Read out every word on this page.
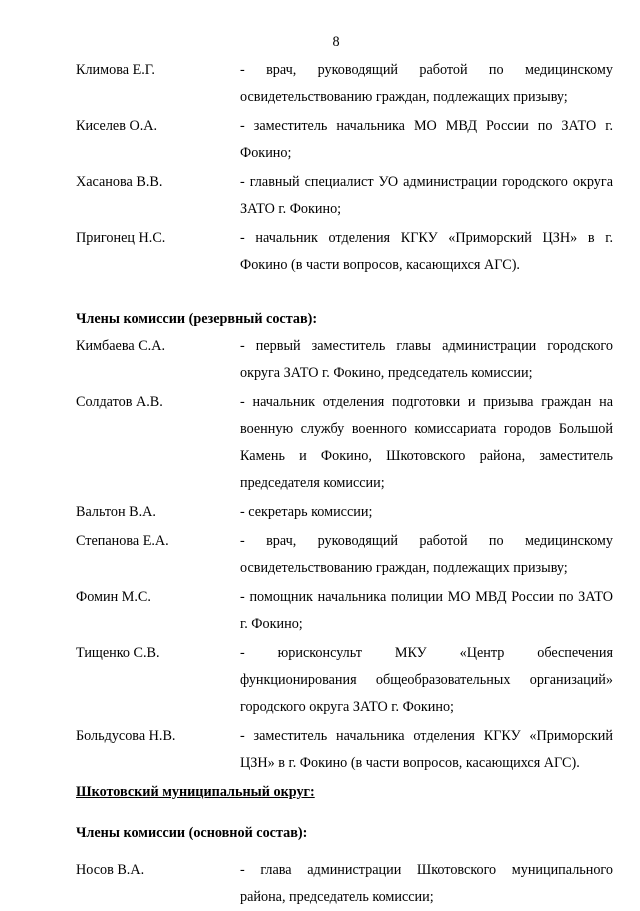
8
Климова Е.Г.	- врач, руководящий работой по медицинскому освидетельствованию граждан, подлежащих призыву;
Киселев О.А.	- заместитель начальника МО МВД России по ЗАТО г. Фокино;
Хасанова В.В.	- главный специалист УО администрации городского округа ЗАТО г. Фокино;
Пригонец Н.С.	- начальник отделения КГКУ «Приморский ЦЗН» в г. Фокино (в части вопросов, касающихся АГС).
Члены комиссии (резервный состав):
Кимбаева С.А.	- первый заместитель главы администрации городского округа ЗАТО г. Фокино, председатель комиссии;
Солдатов А.В.	- начальник отделения подготовки и призыва граждан на военную службу военного комиссариата городов Большой Камень и Фокино, Шкотовского района, заместитель председателя комиссии;
Вальтон В.А.	- секретарь комиссии;
Степанова Е.А.	- врач, руководящий работой по медицинскому освидетельствованию граждан, подлежащих призыву;
Фомин М.С.	- помощник начальника полиции МО МВД России по ЗАТО г. Фокино;
Тищенко С.В.	- юрисконсульт МКУ «Центр обеспечения функционирования общеобразовательных организаций» городского округа ЗАТО г. Фокино;
Больдусова Н.В.	- заместитель начальника отделения КГКУ «Приморский ЦЗН» в г. Фокино (в части вопросов, касающихся АГС).
Шкотовский муниципальный округ:
Члены комиссии (основной состав):
Носов В.А.	- глава администрации Шкотовского муниципального района, председатель комиссии;
